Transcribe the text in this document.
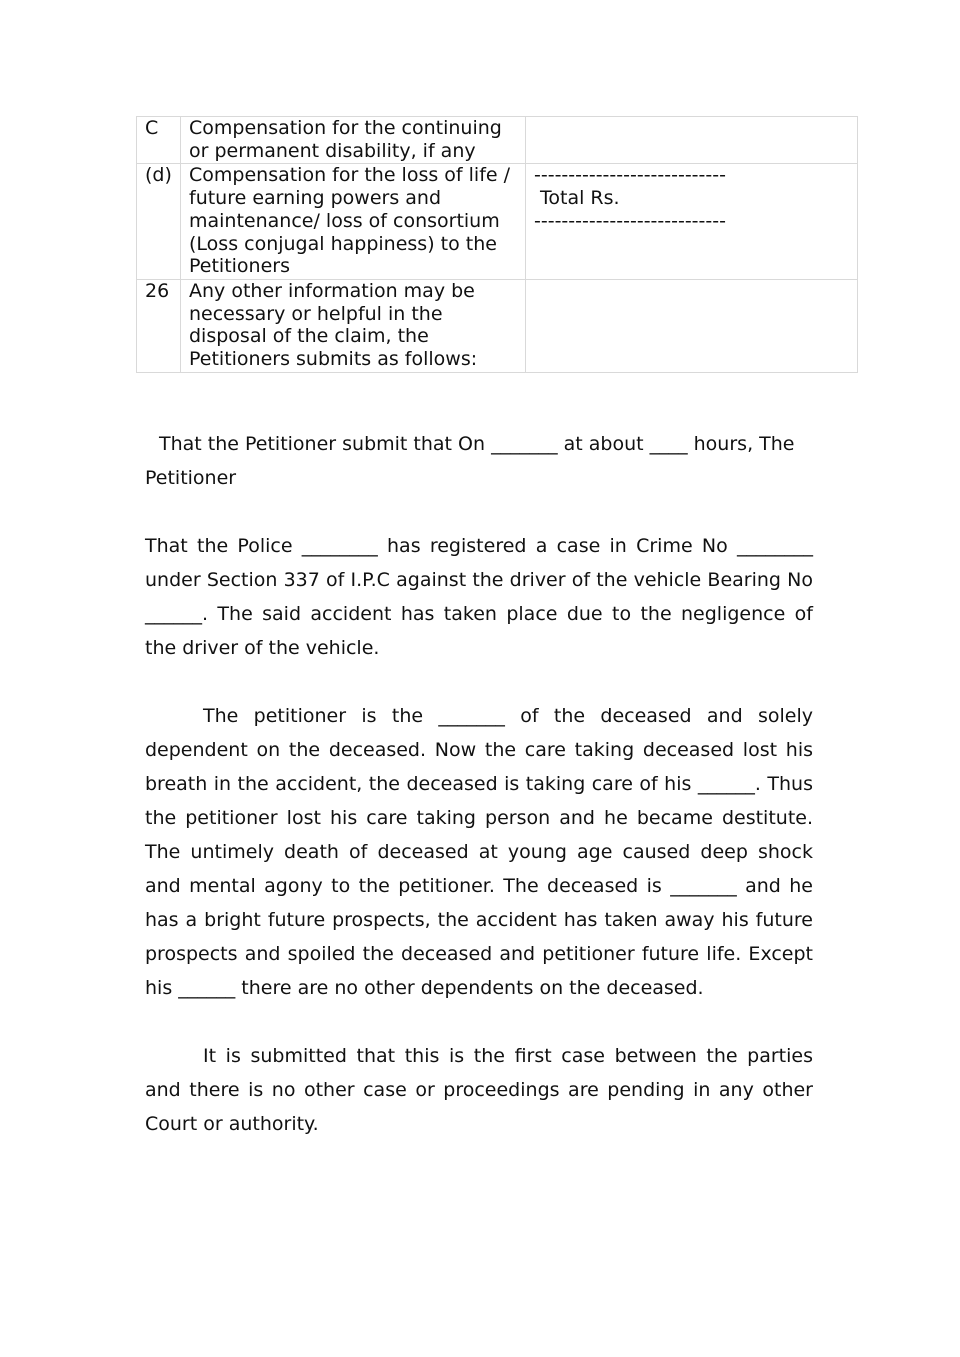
C	Compensation for the continuing or permanent disability, if any	
(d)	Compensation for the loss of life / future earning powers and maintenance/ loss of consortium (Loss conjugal happiness) to the Petitioners	----------------------------
Total Rs.
----------------------------

26	Any other information may be necessary or helpful in the disposal of the claim, the Petitioners submits as follows:	

That the Petitioner submit that On _______ at about ____ hours, The Petitioner

That the Police ________ has registered a case in Crime No ________ under Section 337 of I.P.C against the driver of the vehicle Bearing No ______. The said accident has taken place due to the negligence of the driver of the vehicle.

The petitioner is the _______ of the deceased and solely dependent on the deceased. Now the care taking deceased lost his breath in the accident, the deceased is taking care of his ______. Thus the petitioner lost his care taking person and he became destitute. The untimely death of deceased at young age caused deep shock and mental agony to the petitioner. The deceased is _______ and he has a bright future prospects, the accident has taken away his future prospects and spoiled the deceased and petitioner future life. Except his ______ there are no other dependents on the deceased.

It is submitted that this is the first case between the parties and there is no other case or proceedings are pending in any other Court or authority.
